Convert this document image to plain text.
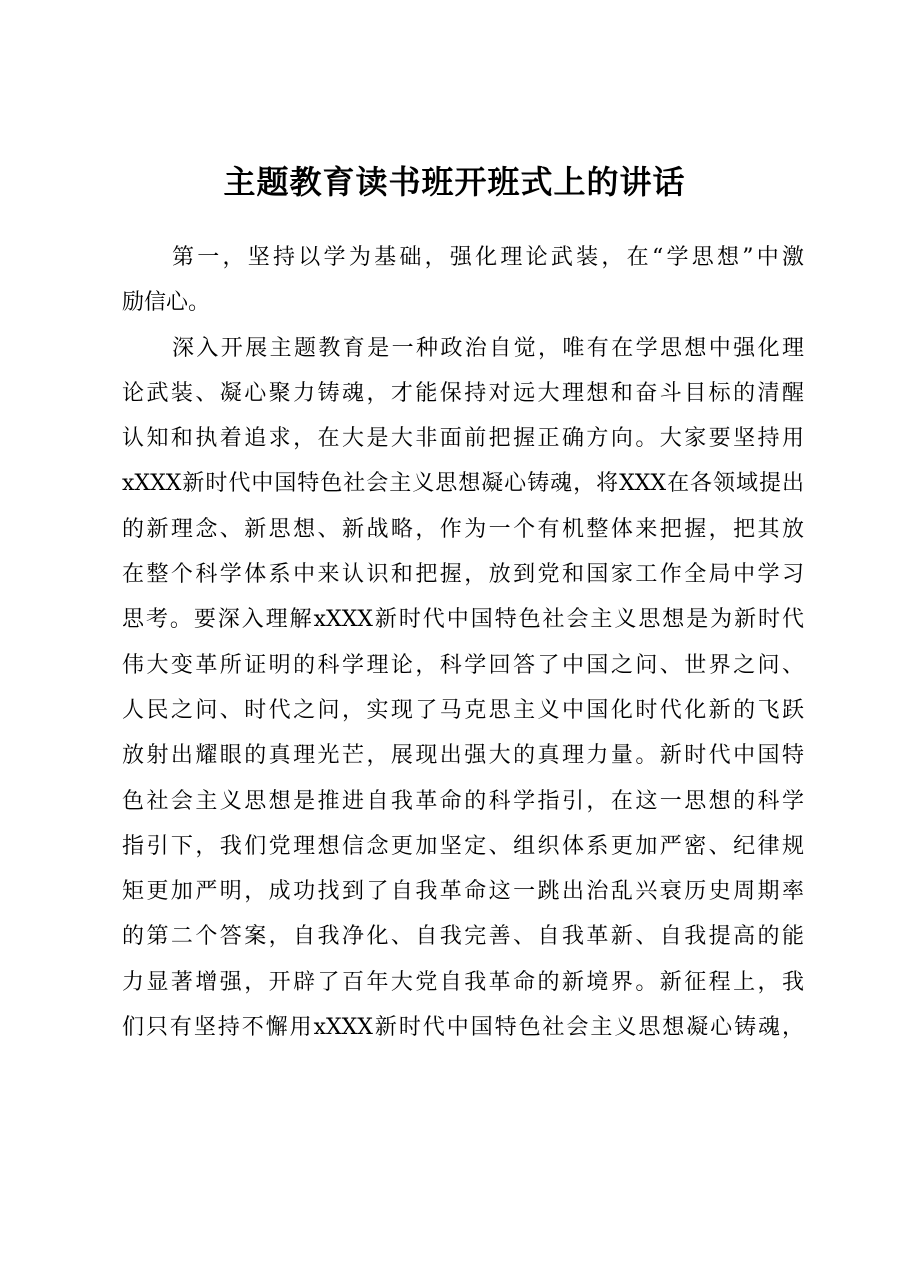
主题教育读书班开班式上的讲话
第一，坚持以学为基础，强化理论武装，在“学思想”中激
励信心。
深入开展主题教育是一种政治自觉，唯有在学思想中强化理
论武装、凝心聚力铸魂，才能保持对远大理想和奋斗目标的清醒
认知和执着追求，在大是大非面前把握正确方向。大家要坚持用
xXXX新时代中国特色社会主义思想凝心铸魂，将XXX在各领域提出
的新理念、新思想、新战略，作为一个有机整体来把握，把其放
在整个科学体系中来认识和把握，放到党和国家工作全局中学习
思考。要深入理解xXXX新时代中国特色社会主义思想是为新时代
伟大变革所证明的科学理论，科学回答了中国之问、世界之问、
人民之问、时代之问，实现了马克思主义中国化时代化新的飞跃
放射出耀眼的真理光芒，展现出强大的真理力量。新时代中国特
色社会主义思想是推进自我革命的科学指引，在这一思想的科学
指引下，我们党理想信念更加坚定、组织体系更加严密、纪律规
矩更加严明，成功找到了自我革命这一跳出治乱兴衰历史周期率
的第二个答案，自我净化、自我完善、自我革新、自我提高的能
力显著增强，开辟了百年大党自我革命的新境界。新征程上，我
们只有坚持不懈用xXXX新时代中国特色社会主义思想凝心铸魂，
